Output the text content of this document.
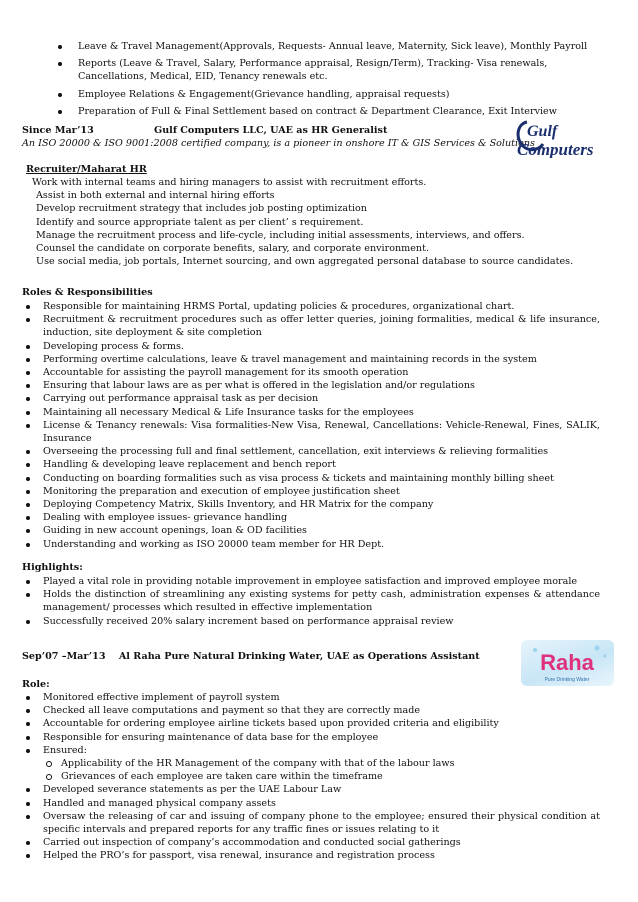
Leave & Travel Management(Approvals, Requests- Annual leave, Maternity, Sick leave), Monthly Payroll
Reports (Leave & Travel, Salary, Performance appraisal, Resign/Term), Tracking- Visa renewals, Cancellations, Medical, EID, Tenancy renewals etc.
Employee Relations & Engagement(Grievance handling, appraisal requests)
Preparation of Full & Final Settlement based on contract & Department Clearance, Exit Interview
Since Mar’13	Gulf Computers LLC, UAE as HR Generalist
An ISO 20000 & ISO 9001:2008 certified company, is a pioneer in onshore IT & GIS Services & Solutions
Gulf
Computers
Recruiter/Maharat HR
Work with internal teams and hiring managers to assist with recruitment efforts.
Assist in both external and internal hiring efforts
Develop recruitment strategy that includes job posting optimization
Identify and source appropriate talent as per client’ s requirement.
Manage the recruitment process and life-cycle, including initial assessments, interviews, and offers.
Counsel the candidate on corporate benefits, salary, and corporate environment.
Use social media, job portals, Internet sourcing, and own aggregated personal database to source candidates.
Roles & Responsibilities
Responsible for maintaining HRMS Portal, updating policies & procedures, organizational chart.
Recruitment & recruitment procedures such as offer letter queries, joining formalities, medical & life insurance, induction, site deployment & site completion
Developing process & forms.
Performing overtime calculations, leave & travel management and maintaining records in the system
Accountable for assisting the payroll management for its smooth operation
Ensuring that labour laws are as per what is offered in the legislation and/or regulations
Carrying out performance appraisal task as per decision
Maintaining all necessary Medical & Life Insurance tasks for the employees
License & Tenancy renewals: Visa formalities-New Visa, Renewal, Cancellations: Vehicle-Renewal, Fines, SALIK, Insurance
Overseeing the processing full and final settlement, cancellation, exit interviews & relieving formalities
Handling & developing leave replacement and bench report
Conducting on boarding formalities such as visa process & tickets and maintaining monthly billing sheet
Monitoring the preparation and execution of employee justification sheet
Deploying Competency Matrix, Skills Inventory, and HR Matrix for the company
Dealing with employee issues- grievance handling
Guiding in new account openings, loan & OD facilities
Understanding and working as ISO 20000 team member for HR Dept.
Highlights:
Played a vital role in providing notable improvement in employee satisfaction and improved employee morale
Holds the distinction of streamlining any existing systems for petty cash, administration expenses & attendance management/ processes which resulted in effective implementation
Successfully received 20% salary increment based on performance appraisal review
Sep’07 –Mar’13    Al Raha Pure Natural Drinking Water, UAE as Operations Assistant	Raha
Pure Drinking Water
Role:
Monitored effective implement of payroll system
Checked all leave computations and payment so that they are correctly made
Accountable for ordering employee airline tickets based upon provided criteria and eligibility
Responsible for ensuring maintenance of data base for the employee
Ensured:
Applicability of the HR Management of the company with that of the labour laws
Grievances of each employee are taken care within the timeframe
Developed severance statements as per the UAE Labour Law
Handled and managed physical company assets
Oversaw the releasing of car and issuing of company phone to the employee; ensured their physical condition at specific intervals and prepared reports for any traffic fines or issues relating to it
Carried out inspection of company’s accommodation and conducted social gatherings
Helped the PRO’s for passport, visa renewal, insurance and registration process
